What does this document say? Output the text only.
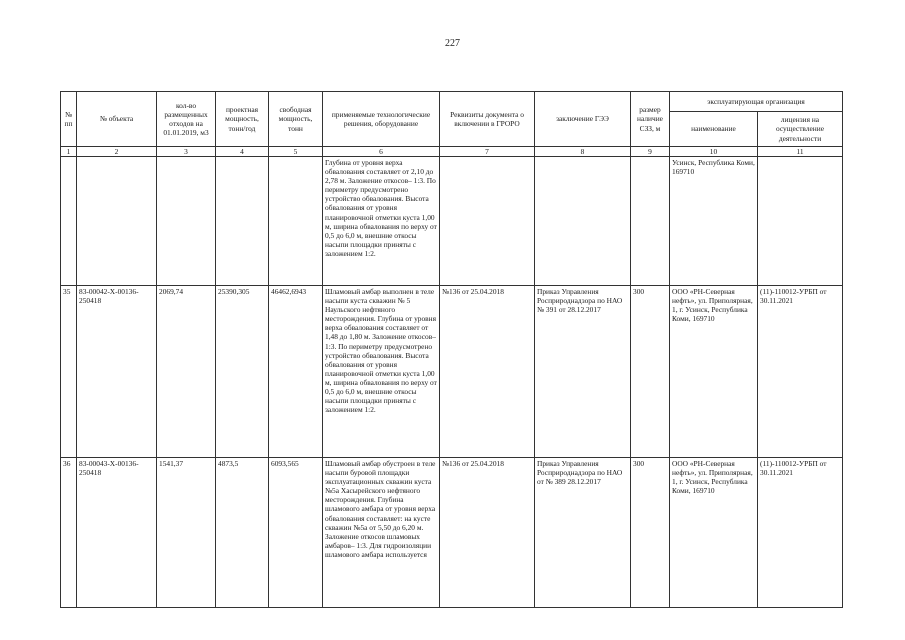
227
№ пп	№ объекта	кол-во размещенных отходов на 01.01.2019, м3	проектная мощность, тонн/год	свободная мощность, тонн	применяемые технологические решения, оборудование	Реквизиты документа о включении в ГРОРО	заключение ГЭЭ	размер наличие СЗЗ, м	эксплуатирующая организация	
									наименование	лицензия на осуществление деятельности
1	2	3	4	5	6	7	8	9	10	11
					Глубина от уровня верха обвалования составляет от 2,10 до 2,78 м. Заложение откосов– 1:3. По периметру предусмотрено устройство обвалования. Высота обвалования от уровня планировочной отметки куста 1,00 м, ширина обвалования по верху от 0,5 до 6,0 м, внешние откосы насыпи площадки приняты с заложением 1:2.				Усинск, Республика Коми, 169710	
35	83-00042-Х-00136-250418	2069,74	25390,305	46462,6943	Шламовый амбар выполнен в теле насыпи куста скважин № 5 Наульского нефтяного месторождения. Глубина от уровня верха обвалования составляет от 1,48 до 1,80 м. Заложение откосов– 1:3. По периметру предусмотрено устройство обвалования. Высота обвалования от уровня планировочной отметки куста 1,00 м, ширина обвалования по верху от 0,5 до 6,0 м, внешние откосы насыпи площадки приняты с заложением 1:2.	№136 от 25.04.2018	Приказ Управления Росприроднадзора по НАО № 391 от 28.12.2017	300	ООО «РН-Северная нефть», ул. Приполярная, 1, г. Усинск, Республика Коми, 169710	(11)-110012-УРБП от 30.11.2021
36	83-00043-Х-00136-250418	1541,37	4873,5	6093,565	Шламовый амбар обустроен в теле насыпи буровой площадки эксплуатационных скважин куста №5а Хасырейского нефтяного месторождения. Глубина шламового амбара от уровня верха обвалования составляет: на кусте скважин №5а от 5,50 до 6,20 м. Заложение откосов шламовых амбаров– 1:3. Для гидроизоляции шламового амбара используется	№136 от 25.04.2018	Приказ Управления Росприроднадзора по НАО от № 389 28.12.2017	300	ООО «РН-Северная нефть», ул. Приполярная, 1, г. Усинск, Республика Коми, 169710	(11)-110012-УРБП от 30.11.2021
